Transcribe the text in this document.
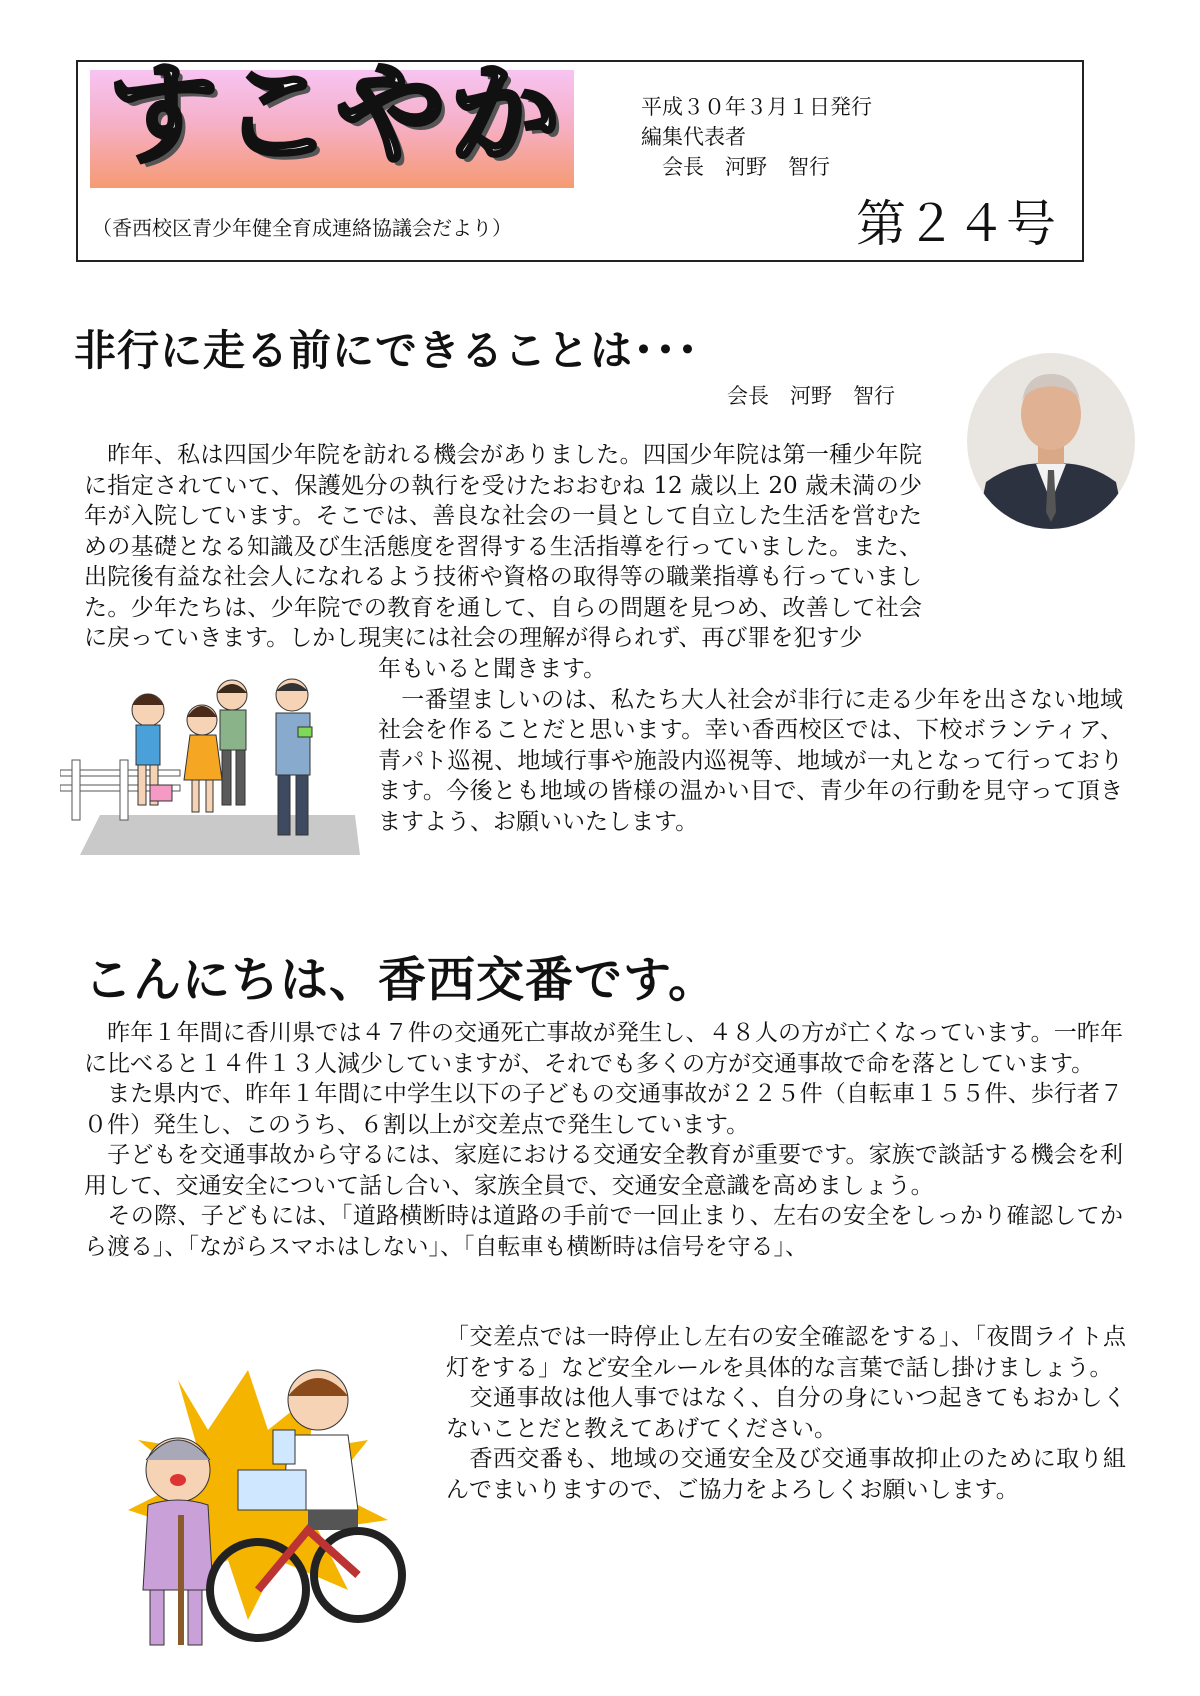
すこやか	平成３０年３月１日発行
編集代表者
　会長　河野　智行
（香西校区青少年健全育成連絡協議会だより）	第２４号
非行に走る前にできることは･･･
会長　河野　智行
　昨年、私は四国少年院を訪れる機会がありました。四国少年院は第一種少年院に指定されていて、保護処分の執行を受けたおおむね 12 歳以上 20 歳未満の少年が入院しています。そこでは、善良な社会の一員として自立した生活を営むための基礎となる知識及び生活態度を習得する生活指導を行っていました。また、出院後有益な社会人になれるよう技術や資格の取得等の職業指導も行っていました。少年たちは、少年院での教育を通して、自らの問題を見つめ、改善して社会に戻っていきます。しかし現実には社会の理解が得られず、再び罪を犯す少
年もいると聞きます。
　一番望ましいのは、私たち大人社会が非行に走る少年を出さない地域社会を作ることだと思います。幸い香西校区では、下校ボランティア、青パト巡視、地域行事や施設内巡視等、地域が一丸となって行っております。今後とも地域の皆様の温かい目で、青少年の行動を見守って頂きますよう、お願いいたします。
こんにちは、香西交番です。
　昨年１年間に香川県では４７件の交通死亡事故が発生し、４８人の方が亡くなっています。一昨年に比べると１４件１３人減少していますが、それでも多くの方が交通事故で命を落としています。
　また県内で、昨年１年間に中学生以下の子どもの交通事故が２２５件（自転車１５５件、歩行者７０件）発生し、このうち、６割以上が交差点で発生しています。
　子どもを交通事故から守るには、家庭における交通安全教育が重要です。家族で談話する機会を利用して、交通安全について話し合い、家族全員で、交通安全意識を高めましょう。
　その際、子どもには、「道路横断時は道路の手前で一回止まり、左右の安全をしっかり確認してから渡る」、「ながらスマホはしない」、「自転車も横断時は信号を守る」、
「交差点では一時停止し左右の安全確認をする」、「夜間ライト点灯をする」など安全ルールを具体的な言葉で話し掛けましょう。
　交通事故は他人事ではなく、自分の身にいつ起きてもおかしくないことだと教えてあげてください。
　香西交番も、地域の交通安全及び交通事故抑止のために取り組んでまいりますので、ご協力をよろしくお願いします。
